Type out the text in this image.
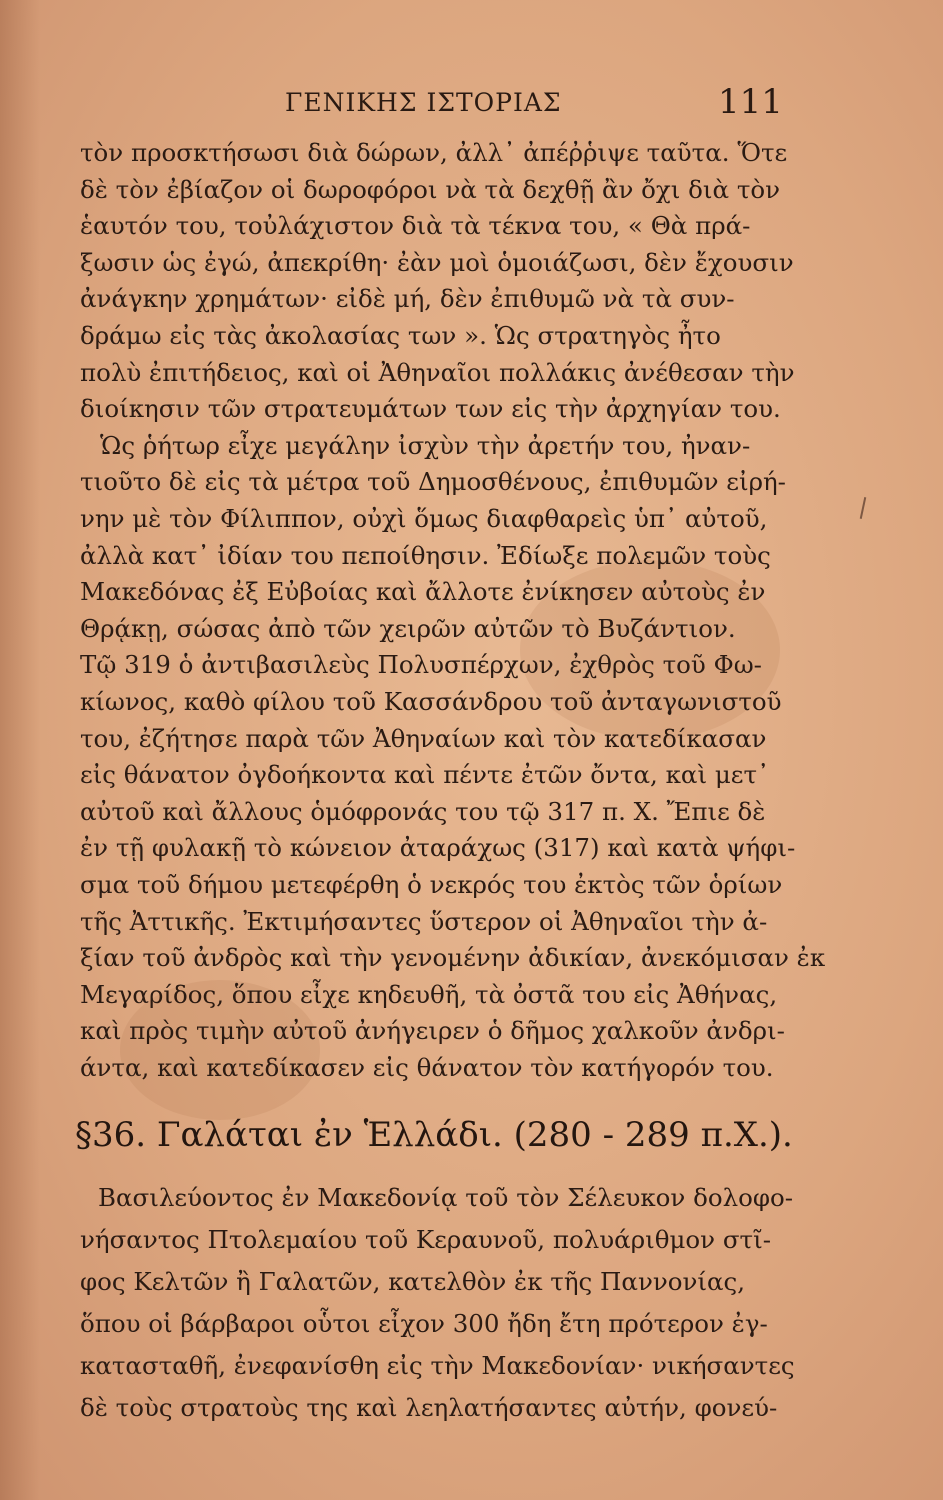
ΓΕΝΙΚΗΣ ΙΣΤΟΡΙΑΣ	111
τὸν προσκτήσωσι διὰ δώρων, ἀλλ᾿ ἀπέῤῥιψε ταῦτα. Ὅτε
δὲ τὸν ἐβίαζον οἱ δωροφόροι νὰ τὰ δεχθῇ ἂν ὄχι διὰ τὸν
ἑαυτόν του, τοὐλάχιστον διὰ τὰ τέκνα του, « Θὰ πρά-
ξωσιν ὡς ἐγώ, ἀπεκρίθη· ἐὰν μοὶ ὁμοιάζωσι, δὲν ἔχουσιν
ἀνάγκην χρημάτων· εἰδὲ μή, δὲν ἐπιθυμῶ νὰ τὰ συν-
δράμω εἰς τὰς ἀκολασίας των ». Ὡς στρατηγὸς ἦτο
πολὺ ἐπιτήδειος, καὶ οἱ Ἀθηναῖοι πολλάκις ἀνέθεσαν τὴν
διοίκησιν τῶν στρατευμάτων των εἰς τὴν ἀρχηγίαν του.
Ὡς ῥήτωρ εἶχε μεγάλην ἰσχὺν τὴν ἀρετήν του, ἠναν-
τιοῦτο δὲ εἰς τὰ μέτρα τοῦ Δημοσθένους, ἐπιθυμῶν εἰρή-
νην μὲ τὸν Φίλιππον, οὐχὶ ὅμως διαφθαρεὶς ὑπ᾿ αὐτοῦ,
ἀλλὰ κατ᾿ ἰδίαν του πεποίθησιν. Ἐδίωξε πολεμῶν τοὺς
Μακεδόνας ἐξ Εὐβοίας καὶ ἄλλοτε ἐνίκησεν αὐτοὺς ἐν
Θρᾴκῃ, σώσας ἀπὸ τῶν χειρῶν αὐτῶν τὸ Βυζάντιον.
Τῷ 319 ὁ ἀντιβασιλεὺς Πολυσπέρχων, ἐχθρὸς τοῦ Φω-
κίωνος, καθὸ φίλου τοῦ Κασσάνδρου τοῦ ἀνταγωνιστοῦ
του, ἐζήτησε παρὰ τῶν Ἀθηναίων καὶ τὸν κατεδίκασαν
εἰς θάνατον ὀγδοήκοντα καὶ πέντε ἐτῶν ὄντα, καὶ μετ᾿
αὐτοῦ καὶ ἄλλους ὁμόφρονάς του τῷ 317 π. Χ. Ἔπιε δὲ
ἐν τῇ φυλακῇ τὸ κώνειον ἀταράχως (317) καὶ κατὰ ψήφι-
σμα τοῦ δήμου μετεφέρθη ὁ νεκρός του ἐκτὸς τῶν ὁρίων
τῆς Ἀττικῆς. Ἐκτιμήσαντες ὕστερον οἱ Ἀθηναῖοι τὴν ἀ-
ξίαν τοῦ ἀνδρὸς καὶ τὴν γενομένην ἀδικίαν, ἀνεκόμισαν ἐκ
Μεγαρίδος, ὅπου εἶχε κηδευθῆ, τὰ ὀστᾶ του εἰς Ἀθήνας,
καὶ πρὸς τιμὴν αὐτοῦ ἀνήγειρεν ὁ δῆμος χαλκοῦν ἀνδρι-
άντα, καὶ κατεδίκασεν εἰς θάνατον τὸν κατήγορόν του.
§36. Γαλάται ἐν Ἑλλάδι. (280 - 289 π.Χ.).
Βασιλεύοντος ἐν Μακεδονίᾳ τοῦ τὸν Σέλευκον δολοφο-
νήσαντος Πτολεμαίου τοῦ Κεραυνοῦ, πολυάριθμον στῖ-
φος Κελτῶν ἢ Γαλατῶν, κατελθὸν ἐκ τῆς Παννονίας,
ὅπου οἱ βάρβαροι οὗτοι εἶχον 300 ἤδη ἔτη πρότερον ἐγ-
κατασταθῆ, ἐνεφανίσθη εἰς τὴν Μακεδονίαν· νικήσαντες
δὲ τοὺς στρατοὺς της καὶ λεηλατήσαντες αὐτήν, φονεύ-
